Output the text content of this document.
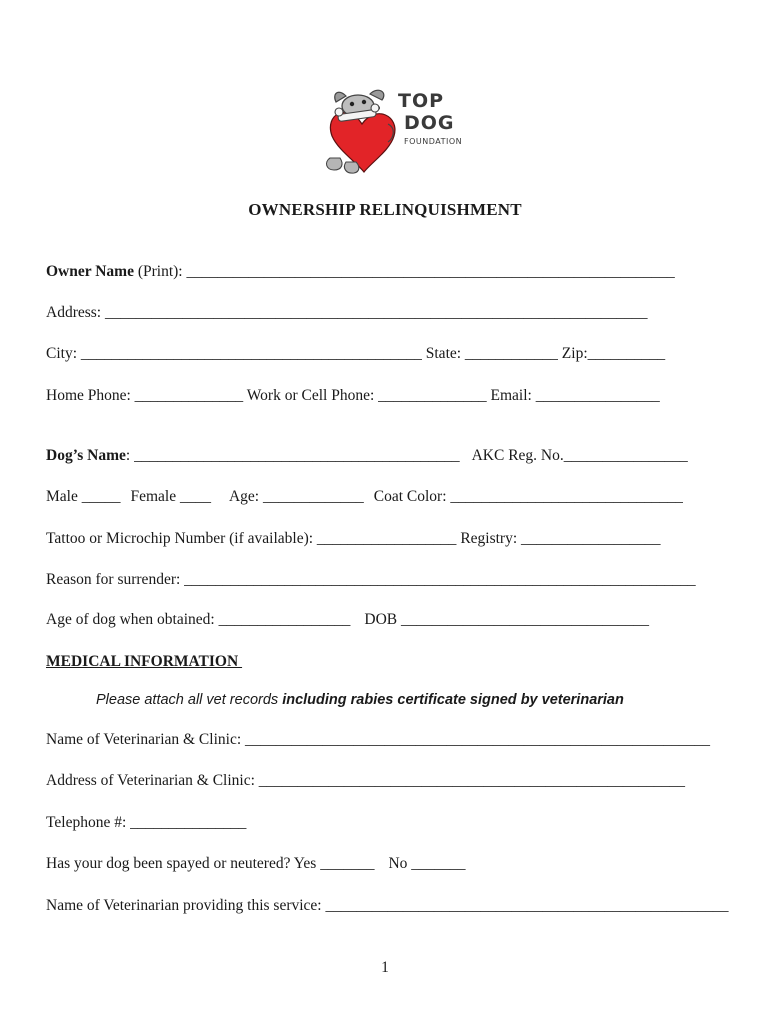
TOP
DOG
FOUNDATION
OWNERSHIP RELINQUISHMENT
Owner Name (Print): _______________________________________________________________
Address: ______________________________________________________________________
City: ____________________________________________ State: ____________ Zip:__________
Home Phone: ______________ Work or Cell Phone: ______________ Email: ________________
Dog’s Name: __________________________________________ AKC Reg. No.________________
Male _____ Female ____ Age: _____________ Coat Color: ______________________________
Tattoo or Microchip Number (if available): __________________ Registry: __________________
Reason for surrender: __________________________________________________________________
Age of dog when obtained: _________________ DOB ________________________________
MEDICAL INFORMATION
Please attach all vet records including rabies certificate signed by veterinarian
Name of Veterinarian & Clinic: ____________________________________________________________
Address of Veterinarian & Clinic: _______________________________________________________
Telephone #: _______________
Has your dog been spayed or neutered? Yes _______ No _______
Name of Veterinarian providing this service: ____________________________________________________
1
